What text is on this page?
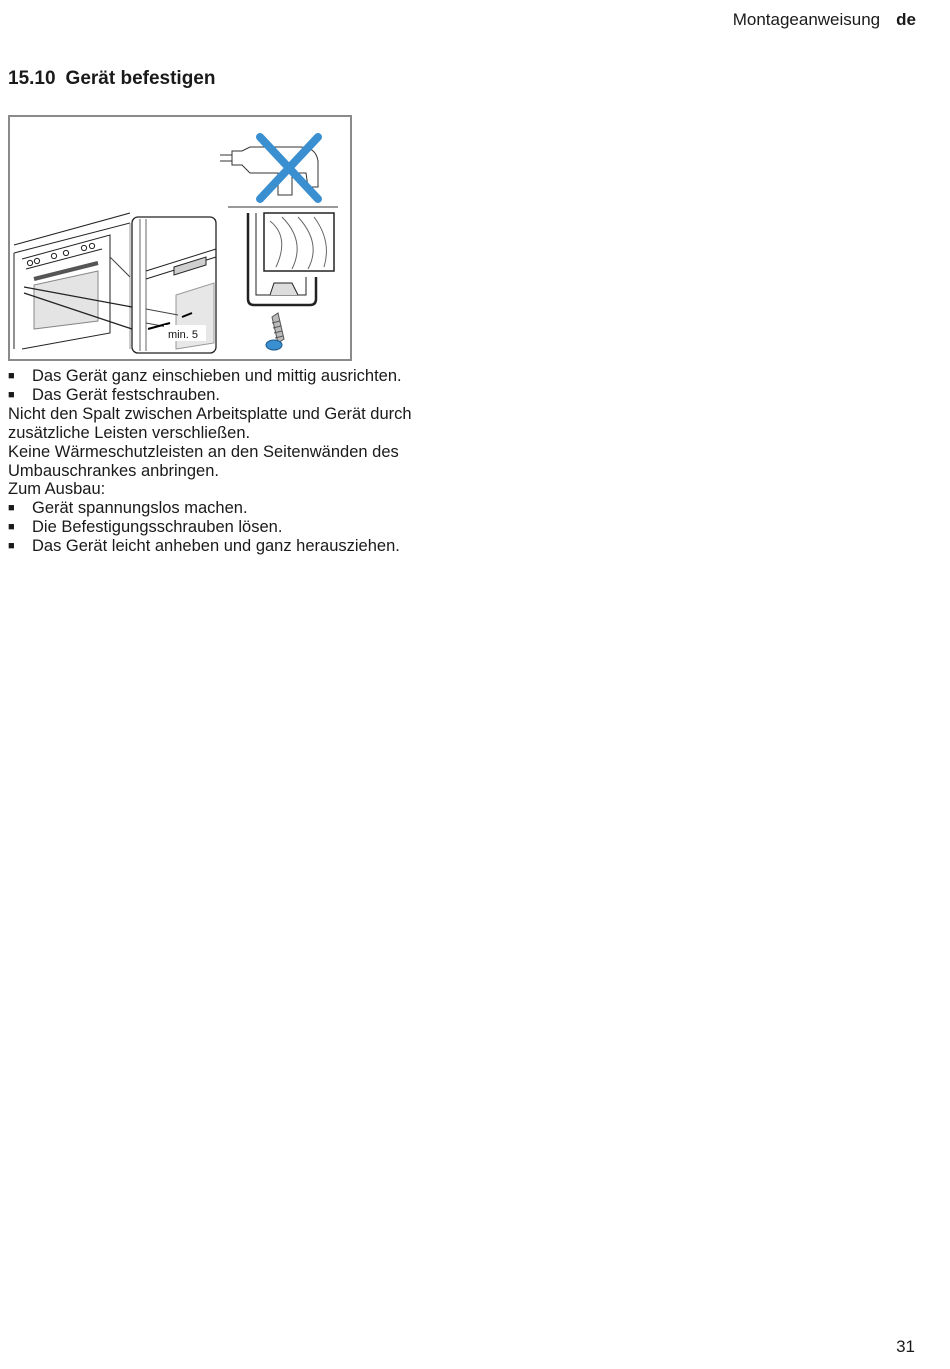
Montageanweisung de
15.10 Gerät befestigen
min. 5
■	Das Gerät ganz einschieben und mittig ausrichten.
■	Das Gerät festschrauben.

Nicht den Spalt zwischen Arbeitsplatte und Gerät durch zusätzliche Leisten verschließen.

Keine Wärmeschutzleisten an den Seitenwänden des Umbauschrankes anbringen.

Zum Ausbau:

■	Gerät spannungslos machen.
■	Die Befestigungsschrauben lösen.
■	Das Gerät leicht anheben und ganz herausziehen.
31
